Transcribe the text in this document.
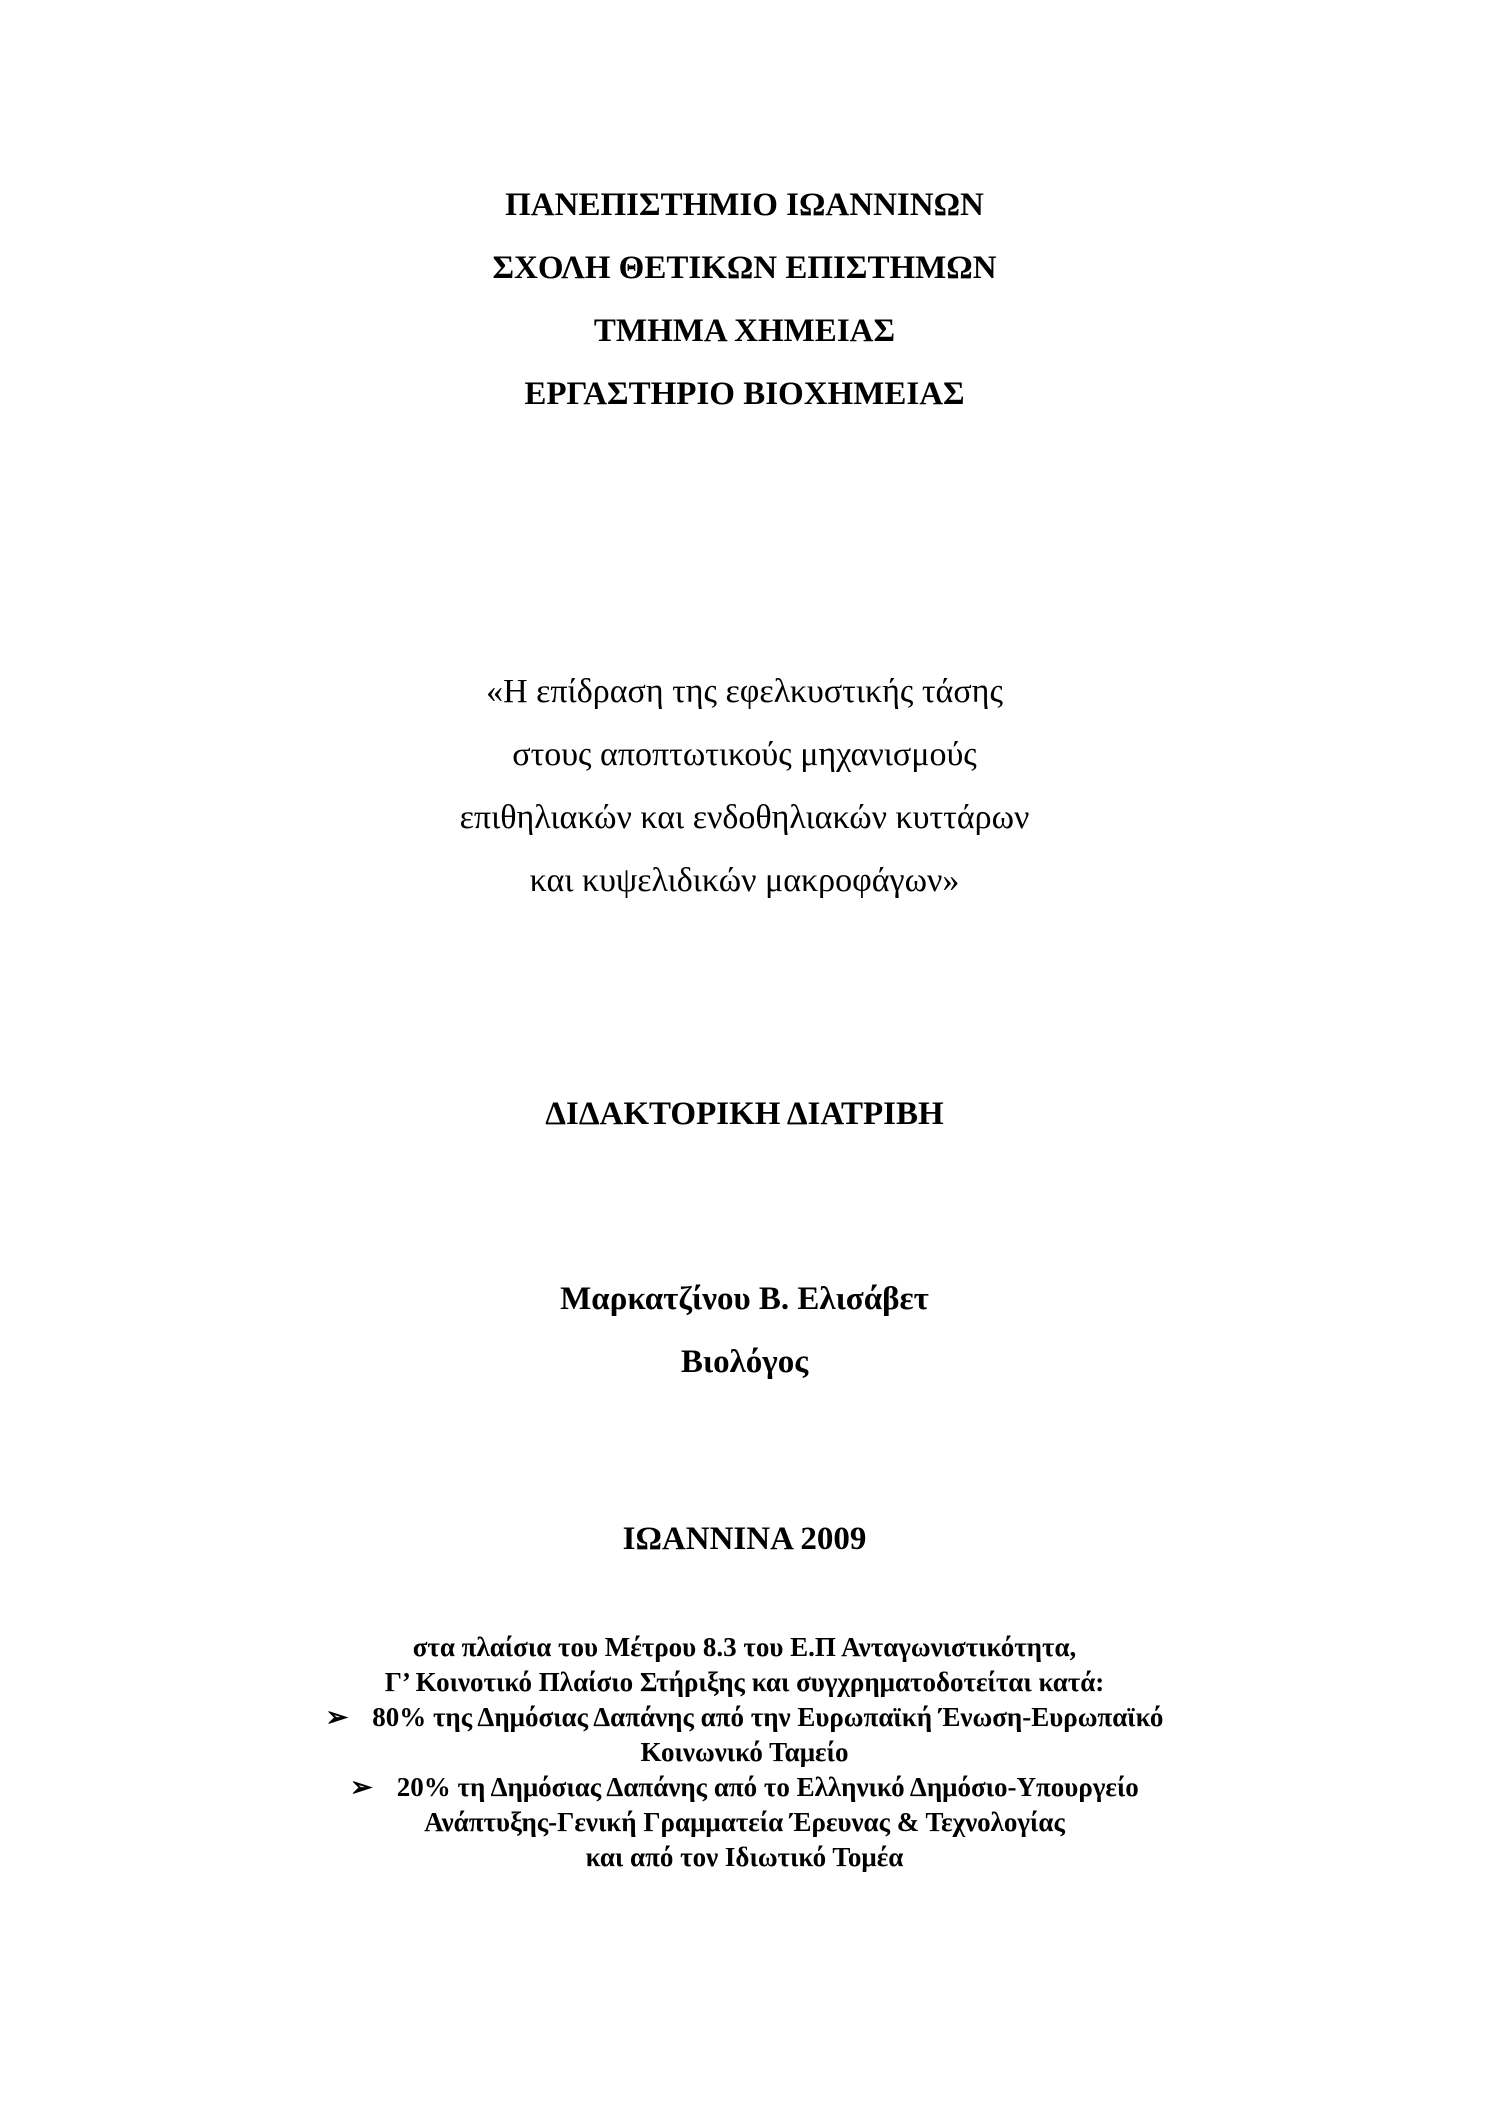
ΠΑΝΕΠΙΣΤΗΜΙΟ ΙΩΑΝΝΙΝΩΝ
ΣΧΟΛΗ ΘΕΤΙΚΩΝ ΕΠΙΣΤΗΜΩΝ
ΤΜΗΜΑ ΧΗΜΕΙΑΣ
ΕΡΓΑΣΤΗΡΙΟ ΒΙΟΧΗΜΕΙΑΣ
«Η επίδραση της εφελκυστικής τάσης
στους αποπτωτικούς μηχανισμούς
επιθηλιακών και ενδοθηλιακών κυττάρων
και κυψελιδικών μακροφάγων»
ΔΙΔΑΚΤΟΡΙΚΗ ΔΙΑΤΡΙΒΗ
Μαρκατζίνου Β. Ελισάβετ
Βιολόγος
ΙΩΑΝΝΙΝΑ 2009
στα πλαίσια του Μέτρου 8.3 του Ε.Π Ανταγωνιστικότητα,
Γ’ Κοινοτικό Πλαίσιο Στήριξης και συγχρηματοδοτείται κατά:
➢ 80% της Δημόσιας Δαπάνης από την Ευρωπαϊκή Ένωση-Ευρωπαϊκό
Κοινωνικό Ταμείο
➢ 20% τη Δημόσιας Δαπάνης από το Ελληνικό Δημόσιο-Υπουργείο
Ανάπτυξης-Γενική Γραμματεία Έρευνας & Τεχνολογίας
και από τον Ιδιωτικό Τομέα
